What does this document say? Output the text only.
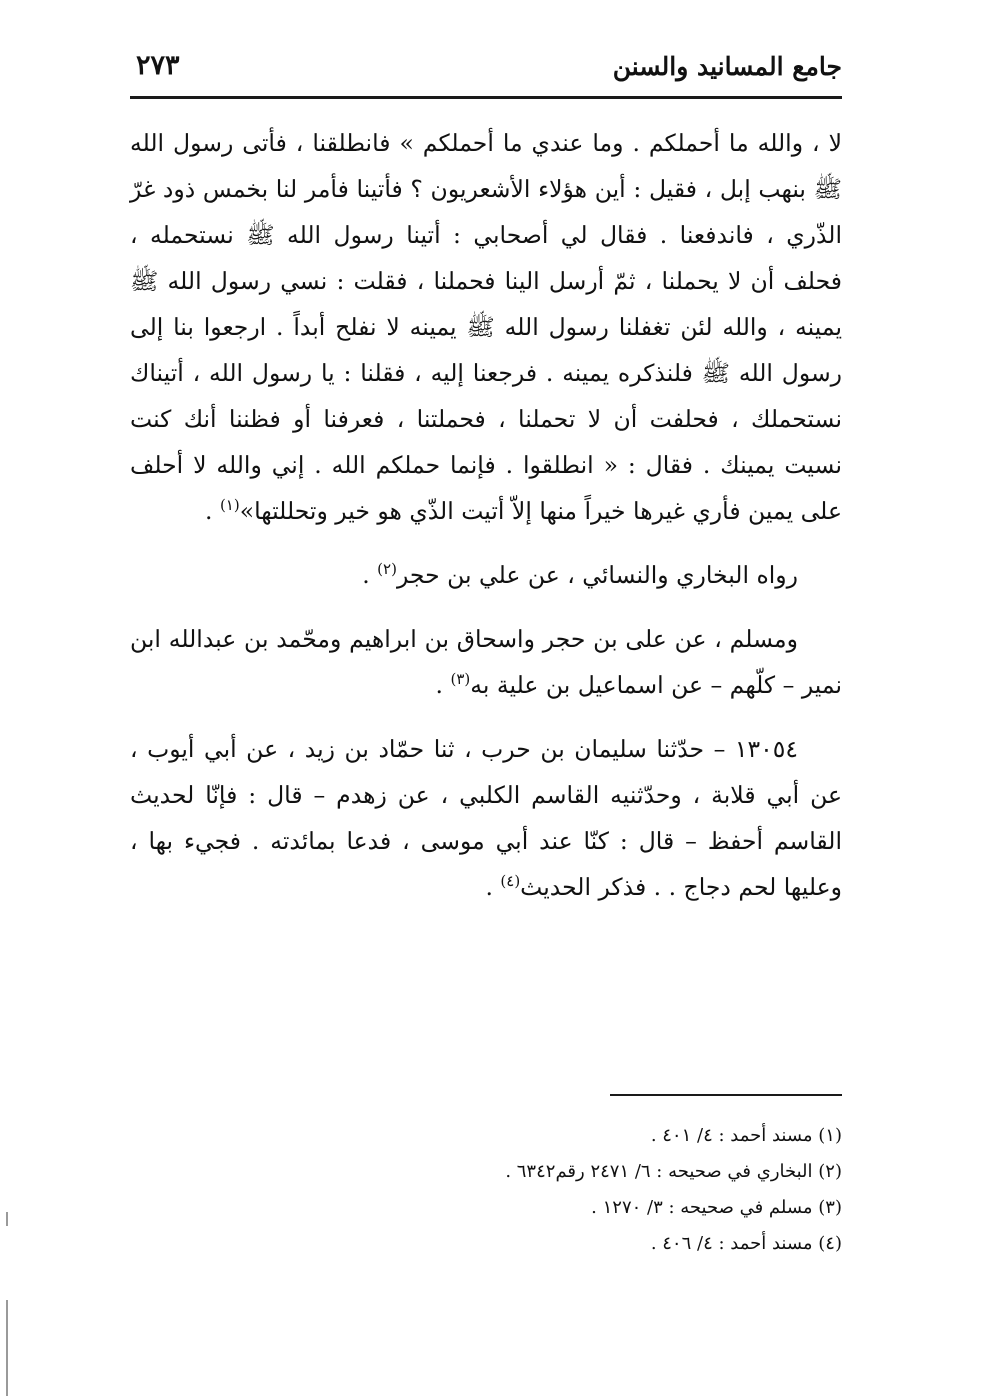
جامع المسانيد والسنن
٢٧٣

لا ، والله ما أحملكم . وما عندي ما أحملكم » فانطلقنا ، فأتى رسول الله ﷺ بنهب إبل ، فقيل : أين هؤلاء الأشعريون ؟ فأتينا فأمر لنا بخمس ذود غرّ الذّري ، فاندفعنا . فقال لي أصحابي : أتينا رسول الله ﷺ نستحمله ، فحلف أن لا يحملنا ، ثمّ أرسل الينا فحملنا ، فقلت : نسي رسول الله ﷺ يمينه ، والله لئن تغفلنا رسول الله ﷺ يمينه لا نفلح أبداً . ارجعوا بنا إلى رسول الله ﷺ فلنذكره يمينه . فرجعنا إليه ، فقلنا : يا رسول الله ، أتيناك نستحملك ، فحلفت أن لا تحملنا ، فحملتنا ، فعرفنا أو فظننا أنك كنت نسيت يمينك . فقال : « انطلقوا . فإنما حملكم الله . إني والله لا أحلف على يمين فأري غيرها خيراً منها إلاّ أتيت الذّي هو خير وتحللتها»$^{(١)}$ .

رواه البخاري والنسائي ، عن علي بن حجر$^{(٢)}$ .

ومسلم ، عن على بن حجر واسحاق بن ابراهيم ومحّمد بن عبدالله ابن نمير – كلّهم – عن اسماعيل بن علية به$^{(٣)}$ .

١٣٠٥٤ – حدّثنا سليمان بن حرب ، ثنا حمّاد بن زيد ، عن أبي أيوب ، عن أبي قلابة ، وحدّثنيه القاسم الكلبي ، عن زهدم – قال : فإنّا لحديث القاسم أحفظ – قال : كنّا عند أبي موسى ، فدعا بمائدته . فجيء بها ، وعليها لحم دجاج . . فذكر الحديث$^{(٤)}$ .

(١) مسند أحمد : ٤/ ٤٠١ .

(٢) البخاري في صحيحه : ٦/ ٢٤٧١ رقم٦٣٤٢ .

(٣) مسلم في صحيحه : ٣/ ١٢٧٠ .

(٤) مسند أحمد : ٤/ ٤٠٦ .
